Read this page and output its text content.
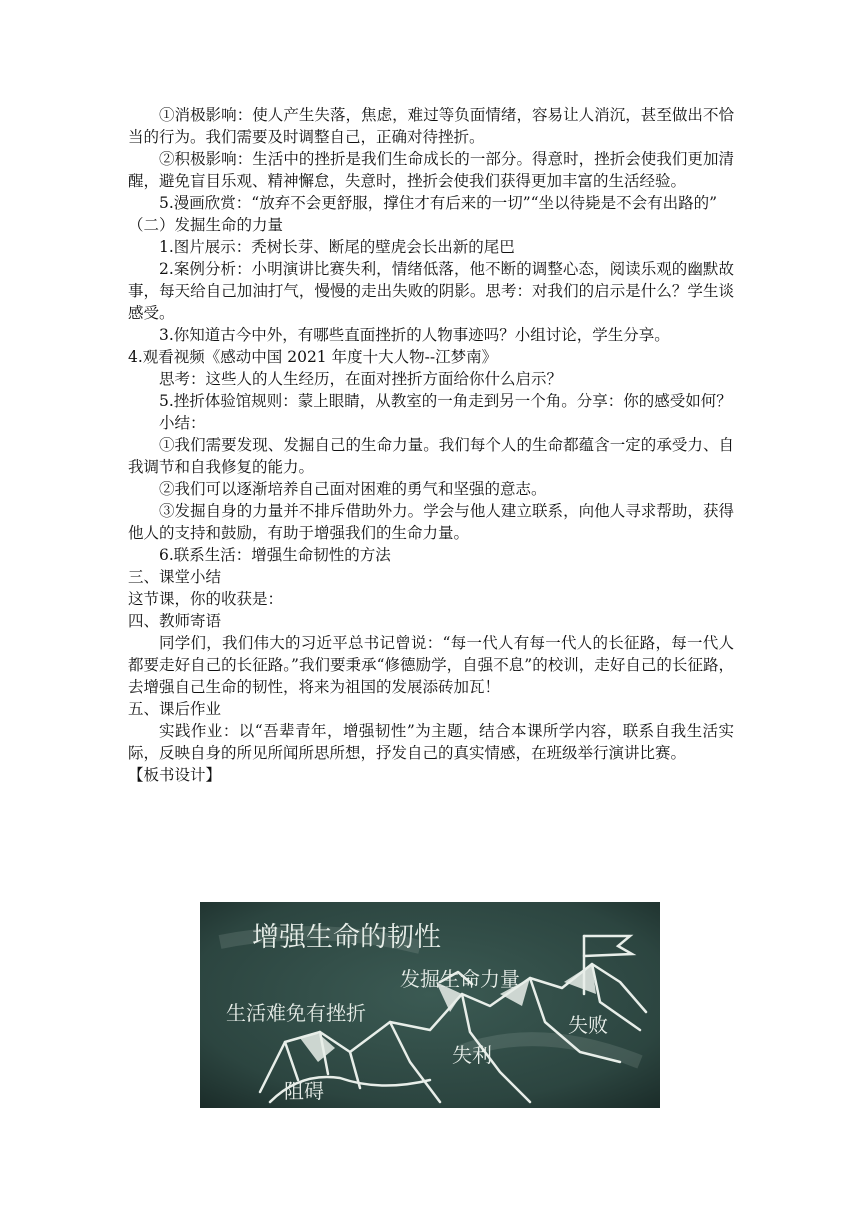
①消极影响：使人产生失落，焦虑，难过等负面情绪，容易让人消沉，甚至做出不恰当的行为。我们需要及时调整自己，正确对待挫折。

②积极影响：生活中的挫折是我们生命成长的一部分。得意时，挫折会使我们更加清醒，避免盲目乐观、精神懈怠，失意时，挫折会使我们获得更加丰富的生活经验。

5.漫画欣赏：“放弃不会更舒服，撑住才有后来的一切”“坐以待毙是不会有出路的”

（二）发掘生命的力量

1.图片展示：秃树长芽、断尾的壁虎会长出新的尾巴

2.案例分析：小明演讲比赛失利，情绪低落，他不断的调整心态，阅读乐观的幽默故事，每天给自己加油打气，慢慢的走出失败的阴影。思考：对我们的启示是什么？学生谈感受。

3.你知道古今中外，有哪些直面挫折的人物事迹吗？小组讨论，学生分享。

4.观看视频《感动中国 2021 年度十大人物--江梦南》

思考：这些人的人生经历，在面对挫折方面给你什么启示？

5.挫折体验馆规则：蒙上眼睛，从教室的一角走到另一个角。分享：你的感受如何？

小结：

①我们需要发现、发掘自己的生命力量。我们每个人的生命都蕴含一定的承受力、自我调节和自我修复的能力。

②我们可以逐渐培养自己面对困难的勇气和坚强的意志。

③发掘自身的力量并不排斥借助外力。学会与他人建立联系，向他人寻求帮助，获得他人的支持和鼓励，有助于增强我们的生命力量。

6.联系生活：增强生命韧性的方法

三、课堂小结

这节课，你的收获是：

四、教师寄语

同学们，我们伟大的习近平总书记曾说：“每一代人有每一代人的长征路，每一代人都要走好自己的长征路。”我们要秉承“修德励学，自强不息”的校训，走好自己的长征路，去增强自己生命的韧性，将来为祖国的发展添砖加瓦！

五、课后作业

实践作业：以“吾辈青年，增强韧性”为主题，结合本课所学内容，联系自我生活实际，反映自身的所见所闻所思所想，抒发自己的真实情感，在班级举行演讲比赛。

【板书设计】

增强生命的韧性
发掘生命力量
生活难免有挫折	失败
失利
阻碍
